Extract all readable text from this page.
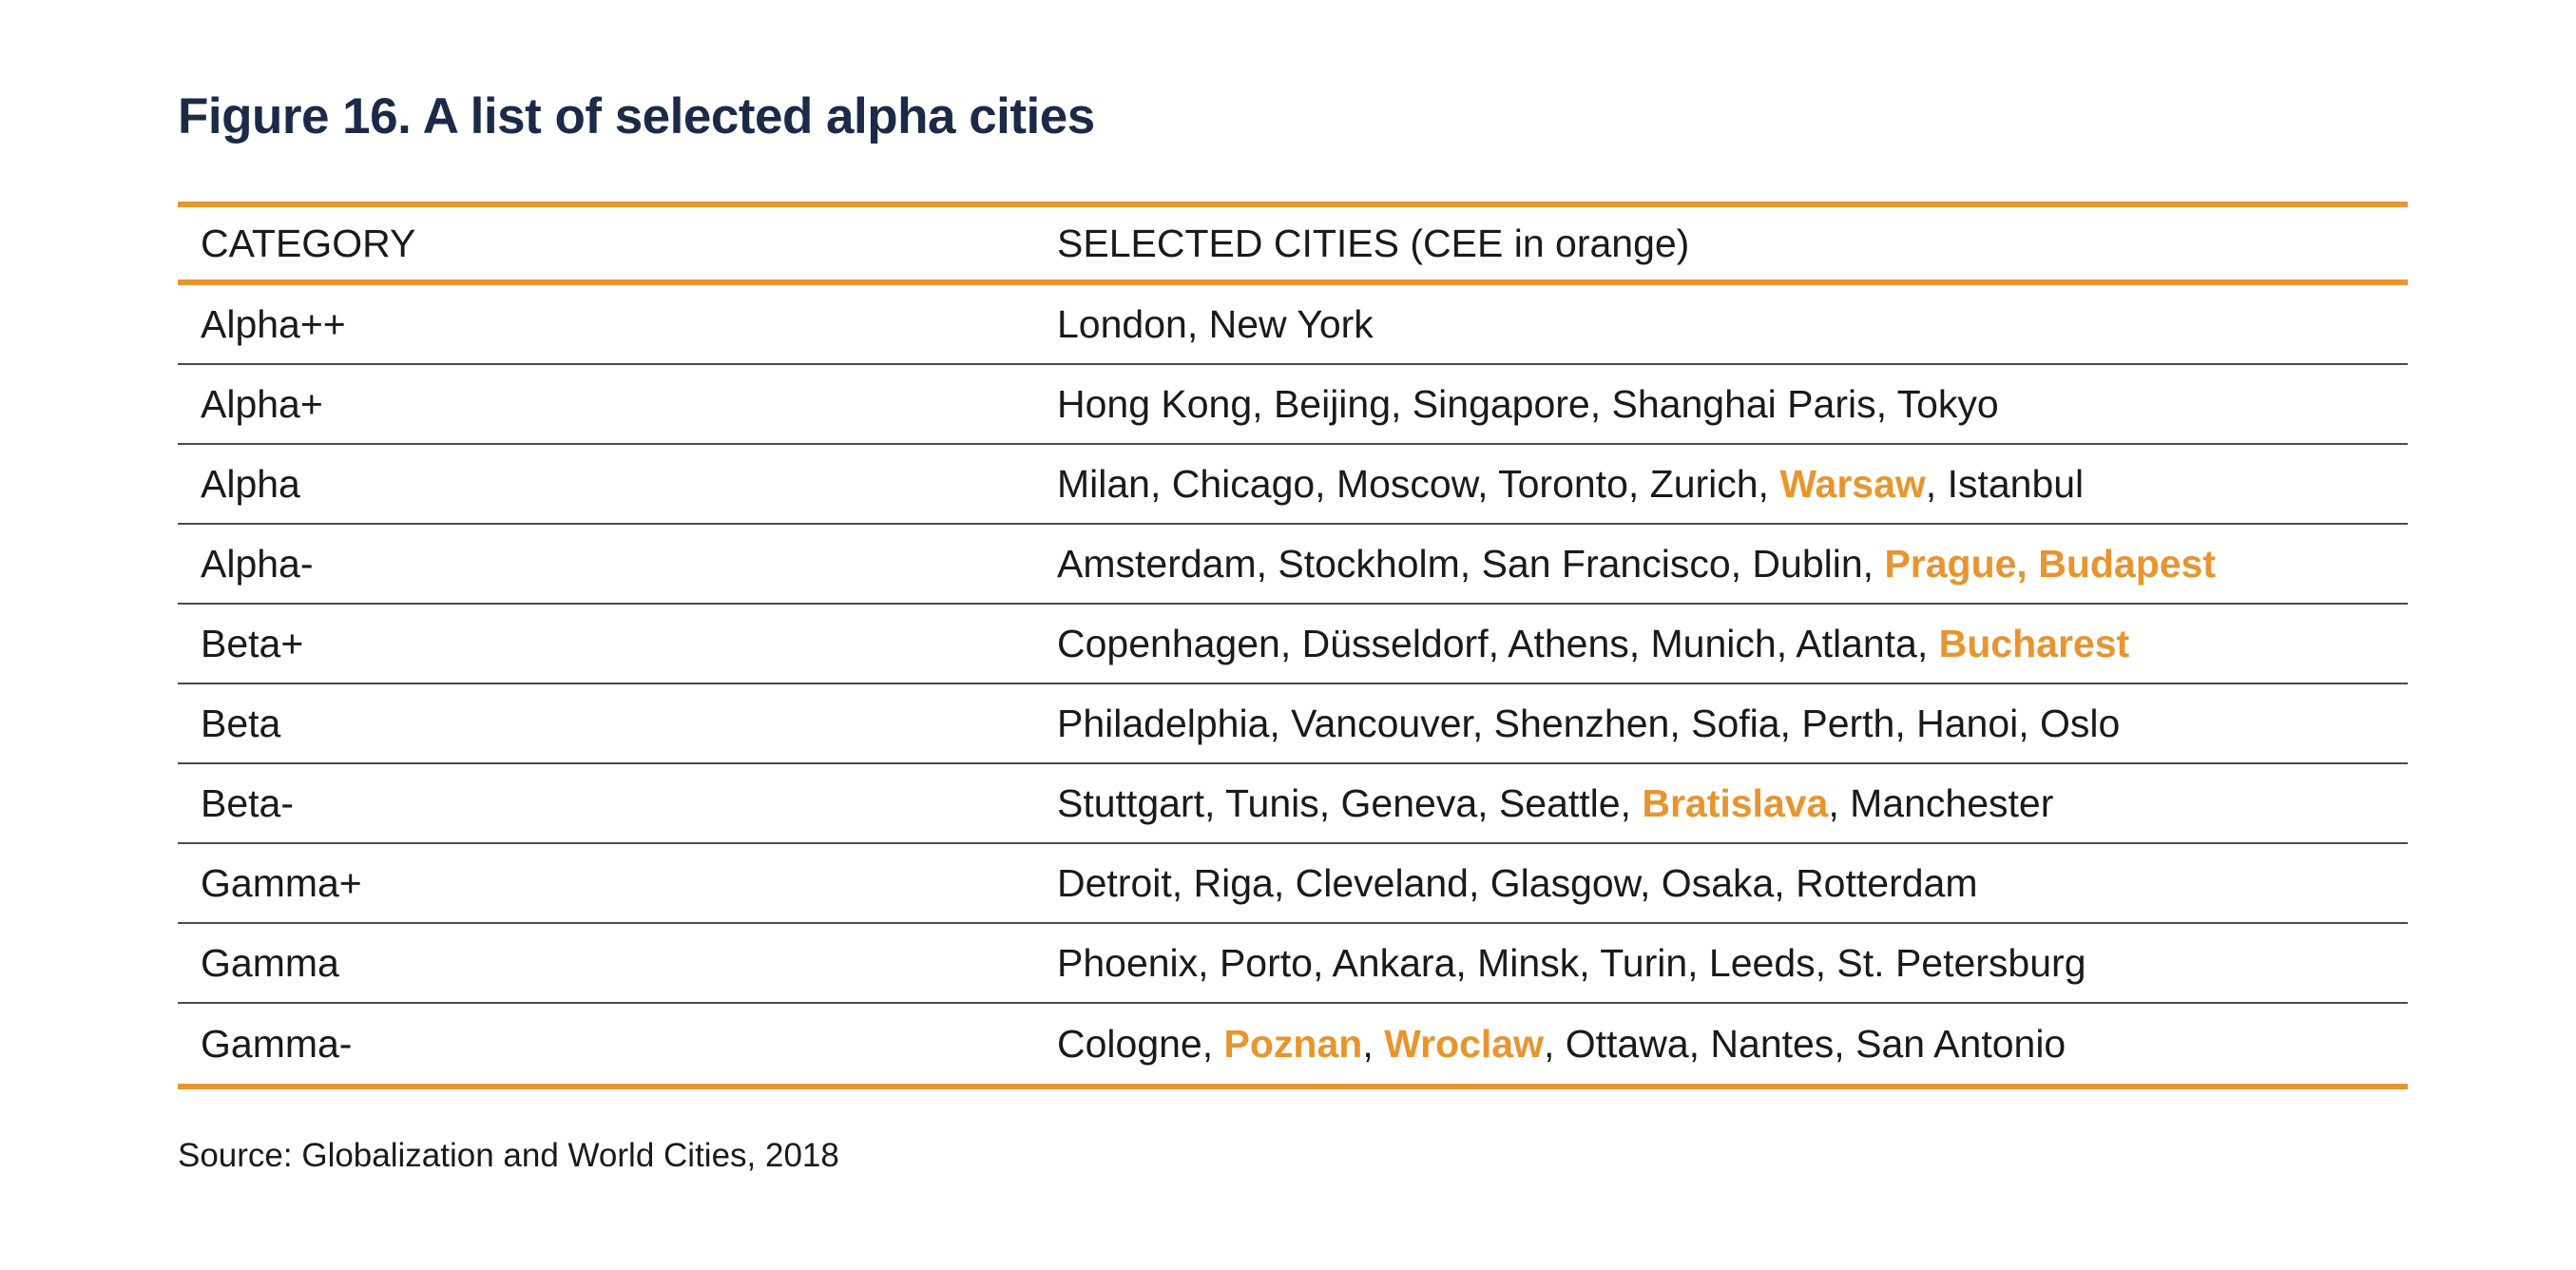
Figure 16. A list of selected alpha cities
CATEGORY	SELECTED CITIES (CEE in orange)
Alpha++	London, New York
Alpha+	Hong Kong, Beijing, Singapore, Shanghai Paris, Tokyo
Alpha	Milan, Chicago, Moscow, Toronto, Zurich, Warsaw, Istanbul
Alpha-	Amsterdam, Stockholm, San Francisco, Dublin, Prague, Budapest
Beta+	Copenhagen, Düsseldorf, Athens, Munich, Atlanta, Bucharest
Beta	Philadelphia, Vancouver, Shenzhen, Sofia, Perth, Hanoi, Oslo
Beta-	Stuttgart, Tunis, Geneva, Seattle, Bratislava, Manchester
Gamma+	Detroit, Riga, Cleveland, Glasgow, Osaka, Rotterdam
Gamma	Phoenix, Porto, Ankara, Minsk, Turin, Leeds, St. Petersburg
Gamma-	Cologne, Poznan, Wroclaw, Ottawa, Nantes, San Antonio
Source: Globalization and World Cities, 2018
